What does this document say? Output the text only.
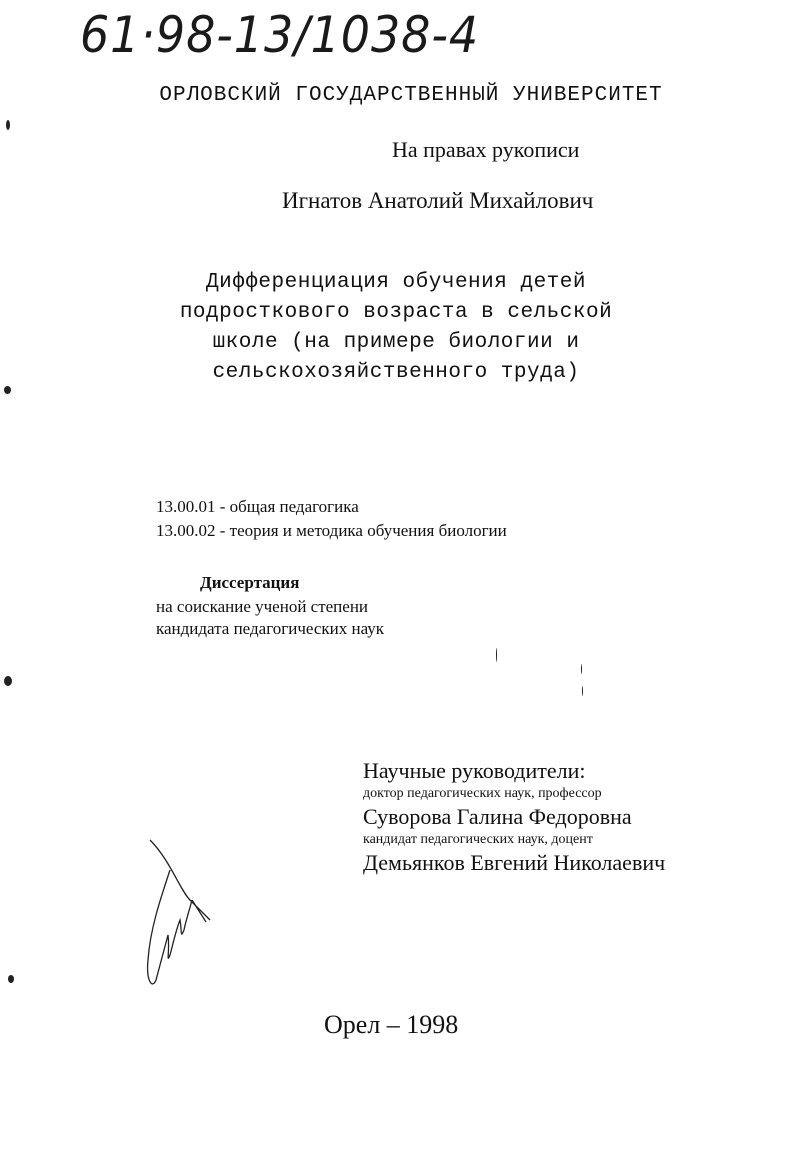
61·98-13/1038-4
ОРЛОВСКИЙ ГОСУДАРСТВЕННЫЙ УНИВЕРСИТЕТ
На правах рукописи
Игнатов Анатолий Михайлович
Дифференциация обучения детей
подросткового возраста в сельской
школе (на примере биологии и
сельскохозяйственного труда)
13.00.01 - общая педагогика
13.00.02 - теория и методика обучения биологии
Диссертация
на соискание ученой степени
кандидата педагогических наук
Научные руководители:
доктор педагогических наук, профессор
Суворова Галина Федоровна
кандидат педагогических наук, доцент
Демьянков Евгений Николаевич
Орел – 1998
